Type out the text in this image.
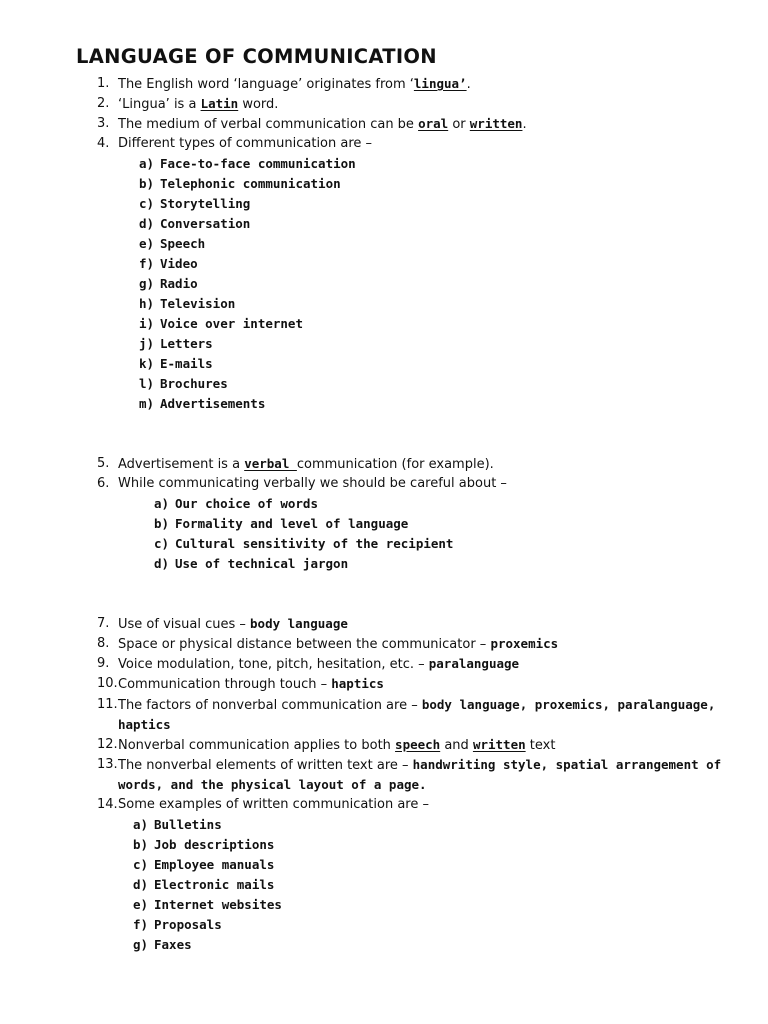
LANGUAGE OF COMMUNICATION
1. The English word ‘language’ originates from ‘lingua’.
2. ‘Lingua’ is a Latin word.
3. The medium of verbal communication can be oral or written.
4. Different types of communication are –
a) Face-to-face communication
b) Telephonic communication
c) Storytelling
d) Conversation
e) Speech
f) Video
g) Radio
h) Television
i) Voice over internet
j) Letters
k) E-mails
l) Brochures
m) Advertisements
5. Advertisement is a verbal communication (for example).
6. While communicating verbally we should be careful about –
a) Our choice of words
b) Formality and level of language
c) Cultural sensitivity of the recipient
d) Use of technical jargon
7. Use of visual cues – body language
8. Space or physical distance between the communicator – proxemics
9. Voice modulation, tone, pitch, hesitation, etc. – paralanguage
10. Communication through touch – haptics
11. The factors of nonverbal communication are – body language, proxemics, paralanguage,
haptics
12. Nonverbal communication applies to both speech and written text
13. The nonverbal elements of written text are – handwriting style, spatial arrangement of
words, and the physical layout of a page.
14. Some examples of written communication are –
a) Bulletins
b) Job descriptions
c) Employee manuals
d) Electronic mails
e) Internet websites
f) Proposals
g) Faxes
